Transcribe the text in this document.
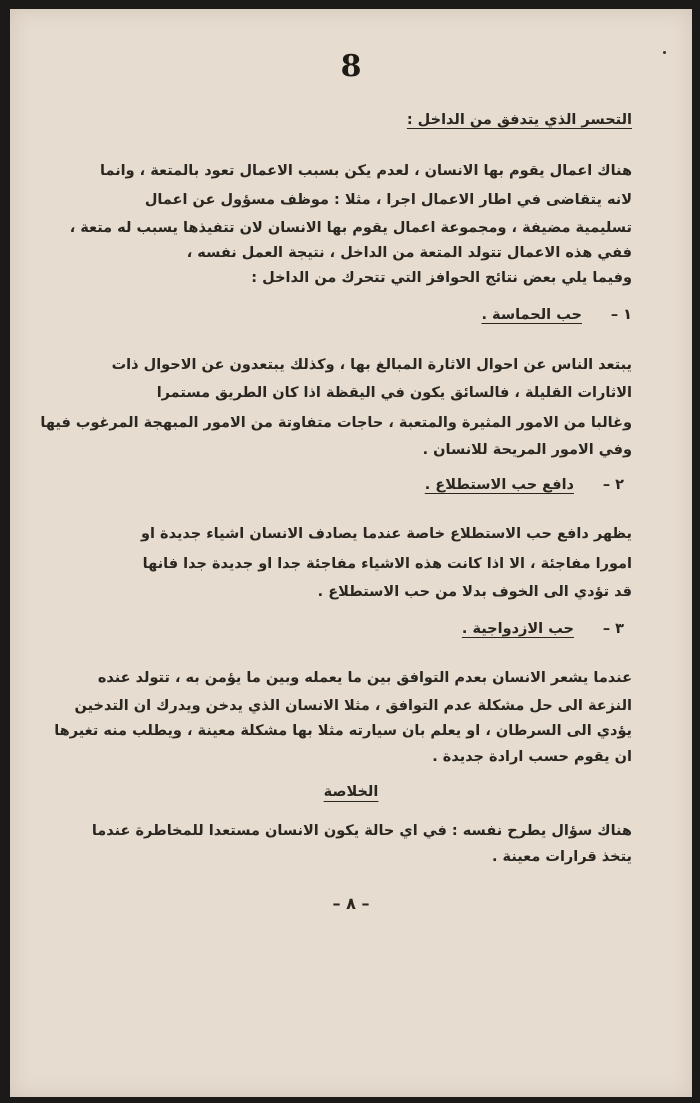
8
التحسر الذي يتدفق من الداخل :
هناك اعمال يقوم بها الانسان ، لعدم يكن بسبب الاعمال تعود بالمتعة ، وانما
لانه يتقاضى في اطار الاعمال اجرا ، مثلا : موظف مسؤول عن اعمال
تسليمية مضيفة ، ومجموعة اعمال يقوم بها الانسان لان تتفيذها يسبب له متعة ،
ففي هذه الاعمال تتولد المتعة من الداخل ، نتيجة العمل نفسه ،
وفيما يلي بعض نتائج الحوافز التي تتحرك من الداخل :
١ –
حب الحماسة .
يبتعد الناس عن احوال الاثارة المبالغ بها ، وكذلك يبتعدون عن الاحوال ذات
الاثارات القليلة ، فالسائق يكون في اليقظة اذا كان الطريق مستمرا
وغالبا من الامور المثيرة والمتعبة ، حاجات متفاوتة من الامور المبهجة المرغوب فيها
وفي الامور المريحة للانسان .
٢ –
دافع حب الاستطلاع .
يظهر دافع حب الاستطلاع خاصة عندما يصادف الانسان اشياء جديدة او
امورا مفاجئة ، الا اذا كانت هذه الاشياء مفاجئة جدا او جديدة جدا فانها
قد تؤدي الى الخوف بدلا من حب الاستطلاع .
٣ –
حب الازدواجية .
عندما يشعر الانسان بعدم التوافق بين ما يعمله وبين ما يؤمن به ، تتولد عنده
النزعة الى حل مشكلة عدم التوافق ، مثلا الانسان الذي يدخن ويدرك ان التدخين
يؤدي الى السرطان ، او يعلم بان سيارته مثلا بها مشكلة معينة ، ويطلب منه تغيرها
ان يقوم حسب ارادة جديدة .
الخلاصة
هناك سؤال يطرح نفسه : في اي حالة يكون الانسان مستعدا للمخاطرة عندما
يتخذ قرارات معينة .
– ٨ –
